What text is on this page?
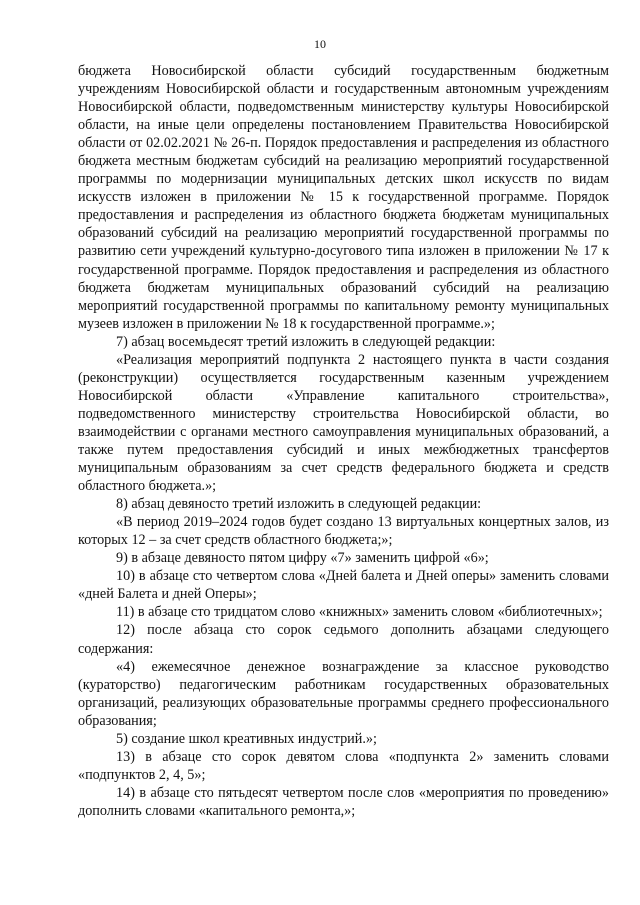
10

бюджета Новосибирской области субсидий государственным бюджетным учреждениям Новосибирской области и государственным автономным учреждениям Новосибирской области, подведомственным министерству культуры Новосибирской области, на иные цели определены постановлением Правительства Новосибирской области от 02.02.2021 № 26-п. Порядок предоставления и распределения из областного бюджета местным бюджетам субсидий на реализацию мероприятий государственной программы по модернизации муниципальных детских школ искусств по видам искусств изложен в приложении № 15 к государственной программе. Порядок предоставления и распределения из областного бюджета бюджетам муниципальных образований субсидий на реализацию мероприятий государственной программы по развитию сети учреждений культурно-досугового типа изложен в приложении № 17 к государственной программе. Порядок предоставления и распределения из областного бюджета бюджетам муниципальных образований субсидий на реализацию мероприятий государственной программы по капитальному ремонту муниципальных музеев изложен в приложении № 18 к государственной программе.»;

7) абзац восемьдесят третий изложить в следующей редакции:

«Реализация мероприятий подпункта 2 настоящего пункта в части создания (реконструкции) осуществляется государственным казенным учреждением Новосибирской области «Управление капитального строительства», подведомственного министерству строительства Новосибирской области, во взаимодействии с органами местного самоуправления муниципальных образований, а также путем предоставления субсидий и иных межбюджетных трансфертов муниципальным образованиям за счет средств федерального бюджета и средств областного бюджета.»;

8) абзац девяносто третий изложить в следующей редакции:

«В период 2019–2024 годов будет создано 13 виртуальных концертных залов, из которых 12 – за счет средств областного бюджета;»;

9) в абзаце девяносто пятом цифру «7» заменить цифрой «6»;

10) в абзаце сто четвертом слова «Дней балета и Дней оперы» заменить словами «дней Балета и дней Оперы»;

11) в абзаце сто тридцатом слово «книжных» заменить словом «библиотечных»;

12) после абзаца сто сорок седьмого дополнить абзацами следующего содержания:

«4) ежемесячное денежное вознаграждение за классное руководство (кураторство) педагогическим работникам государственных образовательных организаций, реализующих образовательные программы среднего профессионального образования;

5) создание школ креативных индустрий.»;

13) в абзаце сто сорок девятом слова «подпункта 2» заменить словами «подпунктов 2, 4, 5»;

14) в абзаце сто пятьдесят четвертом после слов «мероприятия по проведению» дополнить словами «капитального ремонта,»;
